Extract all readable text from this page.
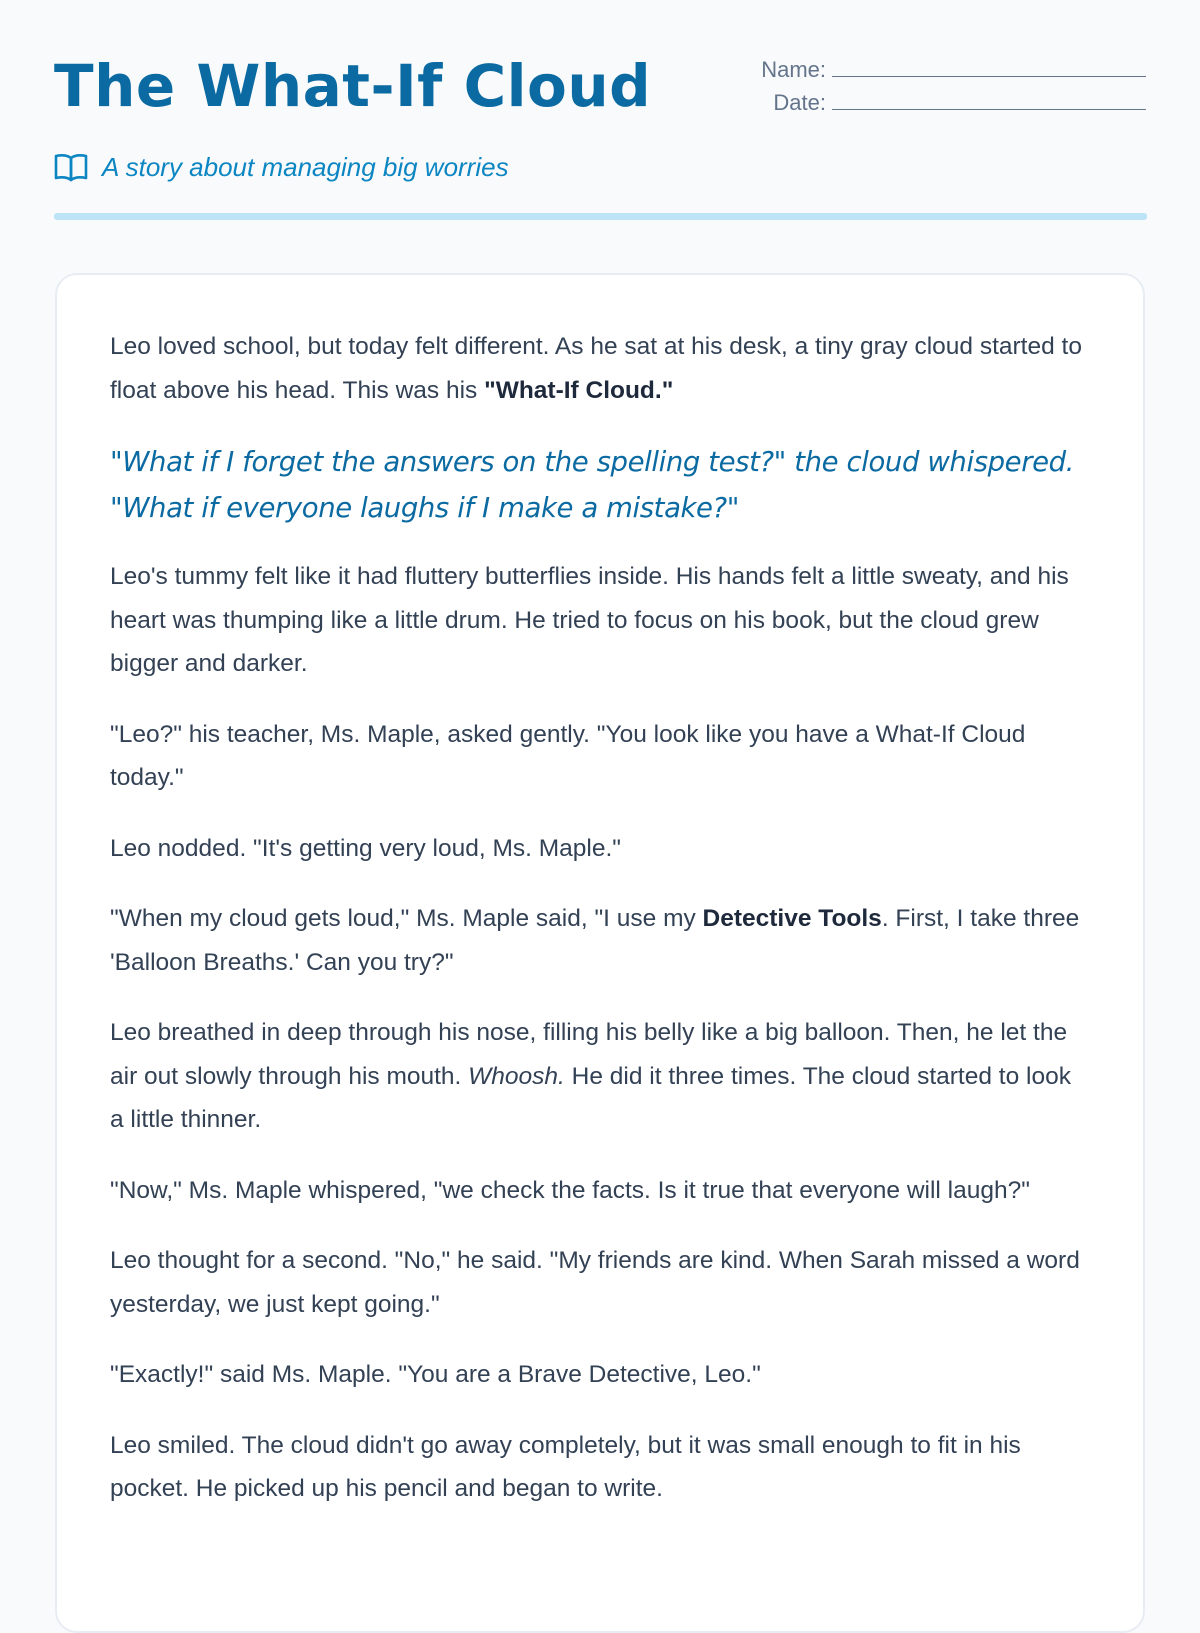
The What-If Cloud	Name:
Date:
A story about managing big worries

Leo loved school, but today felt different. As he sat at his desk, a tiny gray cloud started to float above his head. This was his "What-If Cloud."

"What if I forget the answers on the spelling test?" the cloud whispered. "What if everyone laughs if I make a mistake?"

Leo's tummy felt like it had fluttery butterflies inside. His hands felt a little sweaty, and his heart was thumping like a little drum. He tried to focus on his book, but the cloud grew bigger and darker.

"Leo?" his teacher, Ms. Maple, asked gently. "You look like you have a What-If Cloud today."

Leo nodded. "It's getting very loud, Ms. Maple."

"When my cloud gets loud," Ms. Maple said, "I use my Detective Tools. First, I take three 'Balloon Breaths.' Can you try?"

Leo breathed in deep through his nose, filling his belly like a big balloon. Then, he let the air out slowly through his mouth. Whoosh. He did it three times. The cloud started to look a little thinner.

"Now," Ms. Maple whispered, "we check the facts. Is it true that everyone will laugh?"

Leo thought for a second. "No," he said. "My friends are kind. When Sarah missed a word yesterday, we just kept going."

"Exactly!" said Ms. Maple. "You are a Brave Detective, Leo."

Leo smiled. The cloud didn't go away completely, but it was small enough to fit in his pocket. He picked up his pencil and began to write.
